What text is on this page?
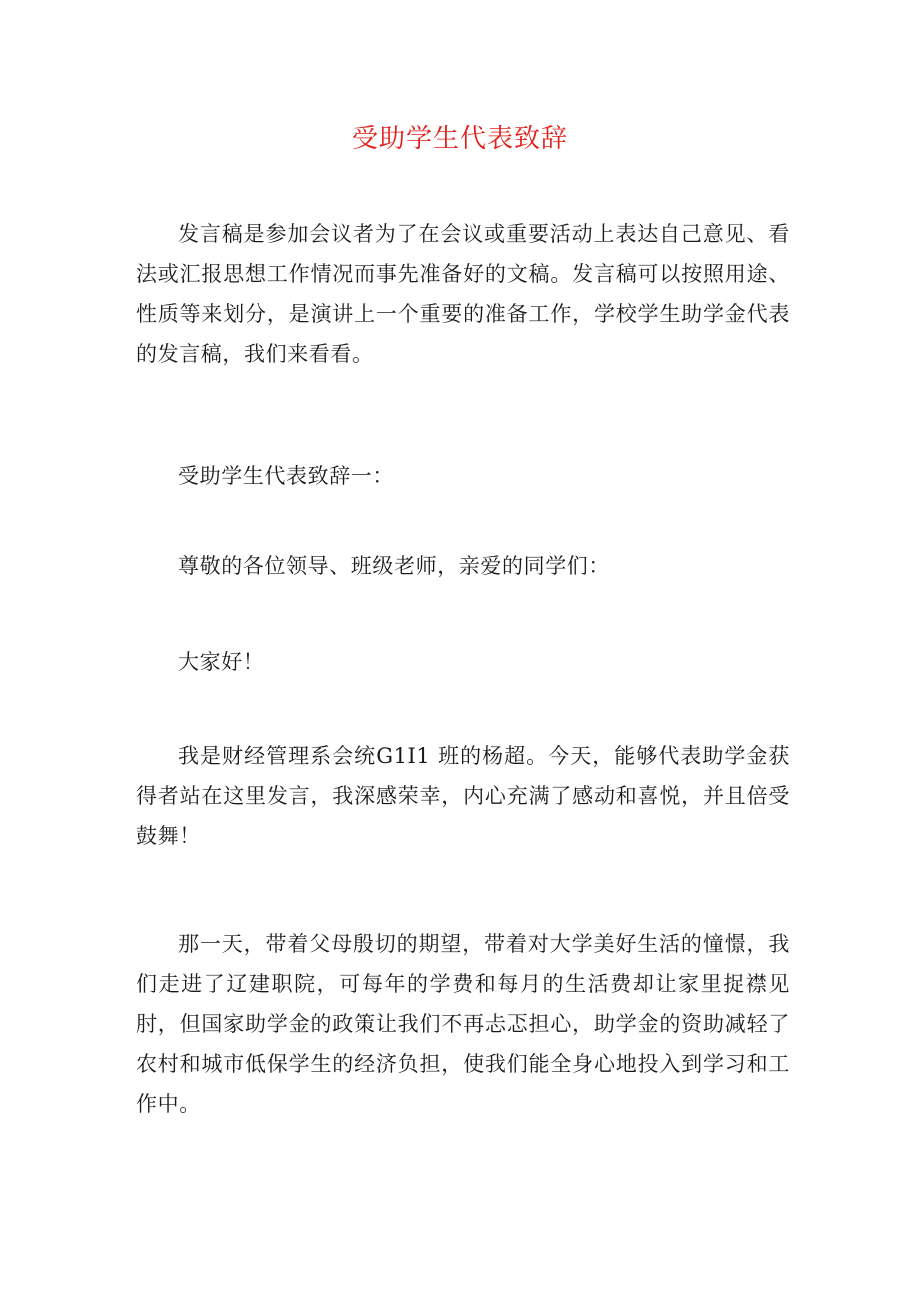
受助学生代表致辞

发言稿是参加会议者为了在会议或重要活动上表达自己意见、看法或汇报思想工作情况而事先准备好的文稿。发言稿可以按照用途、性质等来划分，是演讲上一个重要的准备工作，学校学生助学金代表的发言稿，我们来看看。

受助学生代表致辞一：

尊敬的各位领导、班级老师，亲爱的同学们：

大家好！

我是财经管理系会统G1I1 班的杨超。今天，能够代表助学金获得者站在这里发言，我深感荣幸，内心充满了感动和喜悦，并且倍受鼓舞！

那一天，带着父母殷切的期望，带着对大学美好生活的憧憬，我们走进了辽建职院，可每年的学费和每月的生活费却让家里捉襟见肘，但国家助学金的政策让我们不再忐忑担心，助学金的资助减轻了农村和城市低保学生的经济负担，使我们能全身心地投入到学习和工作中。
